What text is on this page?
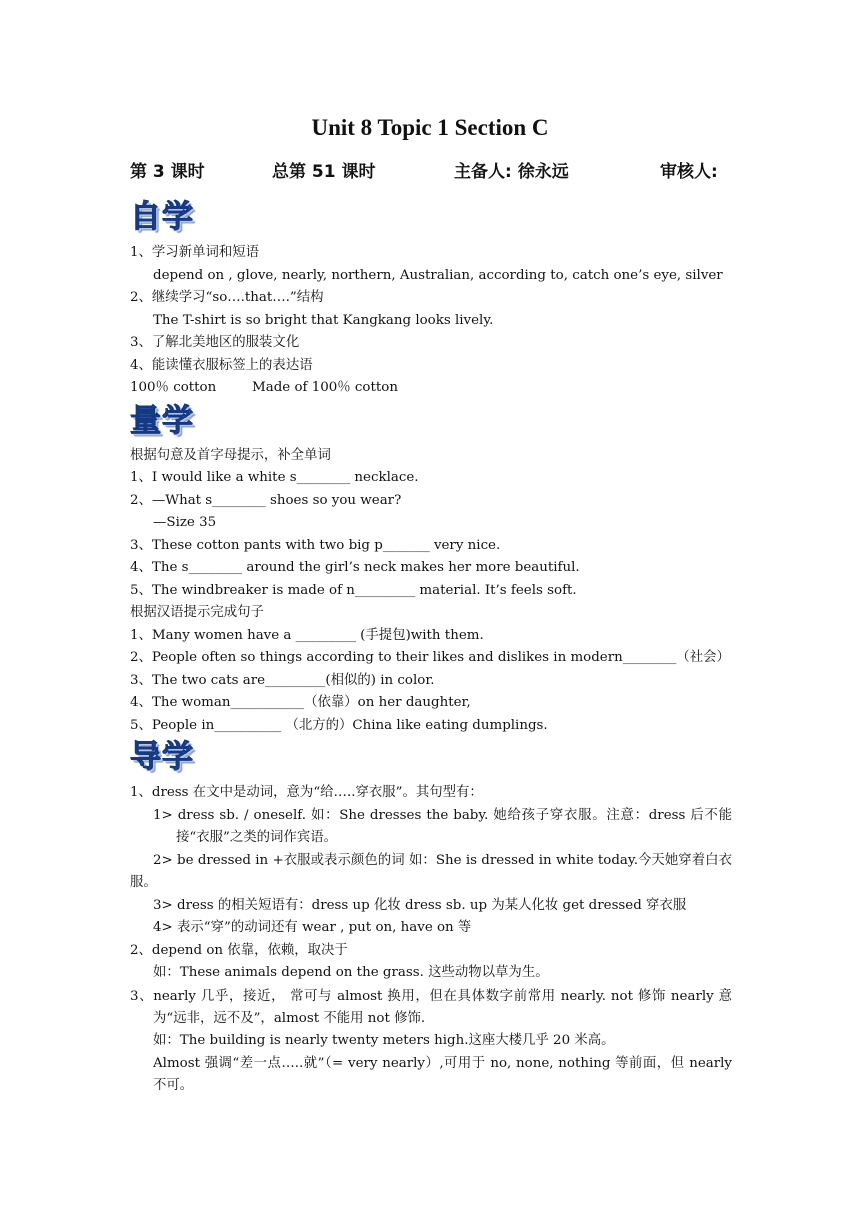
Unit 8 Topic 1 Section C
第 3 课时	总第 51 课时	主备人: 徐永远	审核人:
自学
1、学习新单词和短语
depend on , glove, nearly, northern, Australian, according to, catch one’s eye, silver
2、继续学习“so….that….”结构
The T-shirt is so bright that Kangkang looks lively.
3、了解北美地区的服装文化
4、能读懂衣服标签上的表达语
100％ cotton	Made of 100％ cotton
量学
根据句意及首字母提示，补全单词
1、I would like a white s________ necklace.
2、—What s________ shoes so you wear?
—Size 35
3、These cotton pants with two big p_______ very nice.
4、The s________ around the girl’s neck makes her more beautiful.
5、The windbreaker is made of n_________ material. It’s feels soft.
根据汉语提示完成句子
1、Many women have a _________ (手提包)with them.
2、People often so things according to their likes and dislikes in modern________（社会）
3、The two cats are_________(相似的) in color.
4、The woman___________（依靠）on her daughter,
5、People in__________ （北方的）China like eating dumplings.
导学
1、dress 在文中是动词，意为“给…..穿衣服”。其句型有：
1> dress sb. / oneself. 如：She dresses the baby. 她给孩子穿衣服。注意：dress 后不能接“衣服”之类的词作宾语。
2> be dressed in +衣服或表示颜色的词 如：She is dressed in white today.今天她穿着白衣服。
3> dress 的相关短语有：dress up 化妆 dress sb. up 为某人化妆 get dressed 穿衣服
4> 表示“穿”的动词还有 wear , put on, have on 等
2、depend on 依靠，依赖，取决于
如：These animals depend on the grass. 这些动物以草为生。
3、nearly 几乎，接近， 常可与 almost 换用，但在具体数字前常用 nearly. not 修饰 nearly 意为“远非，远不及”，almost 不能用 not 修饰.
如：The building is nearly twenty meters high.这座大楼几乎 20 米高。
Almost 强调“差一点…..就”（= very nearly）,可用于 no, none, nothing 等前面，但 nearly 不可。
